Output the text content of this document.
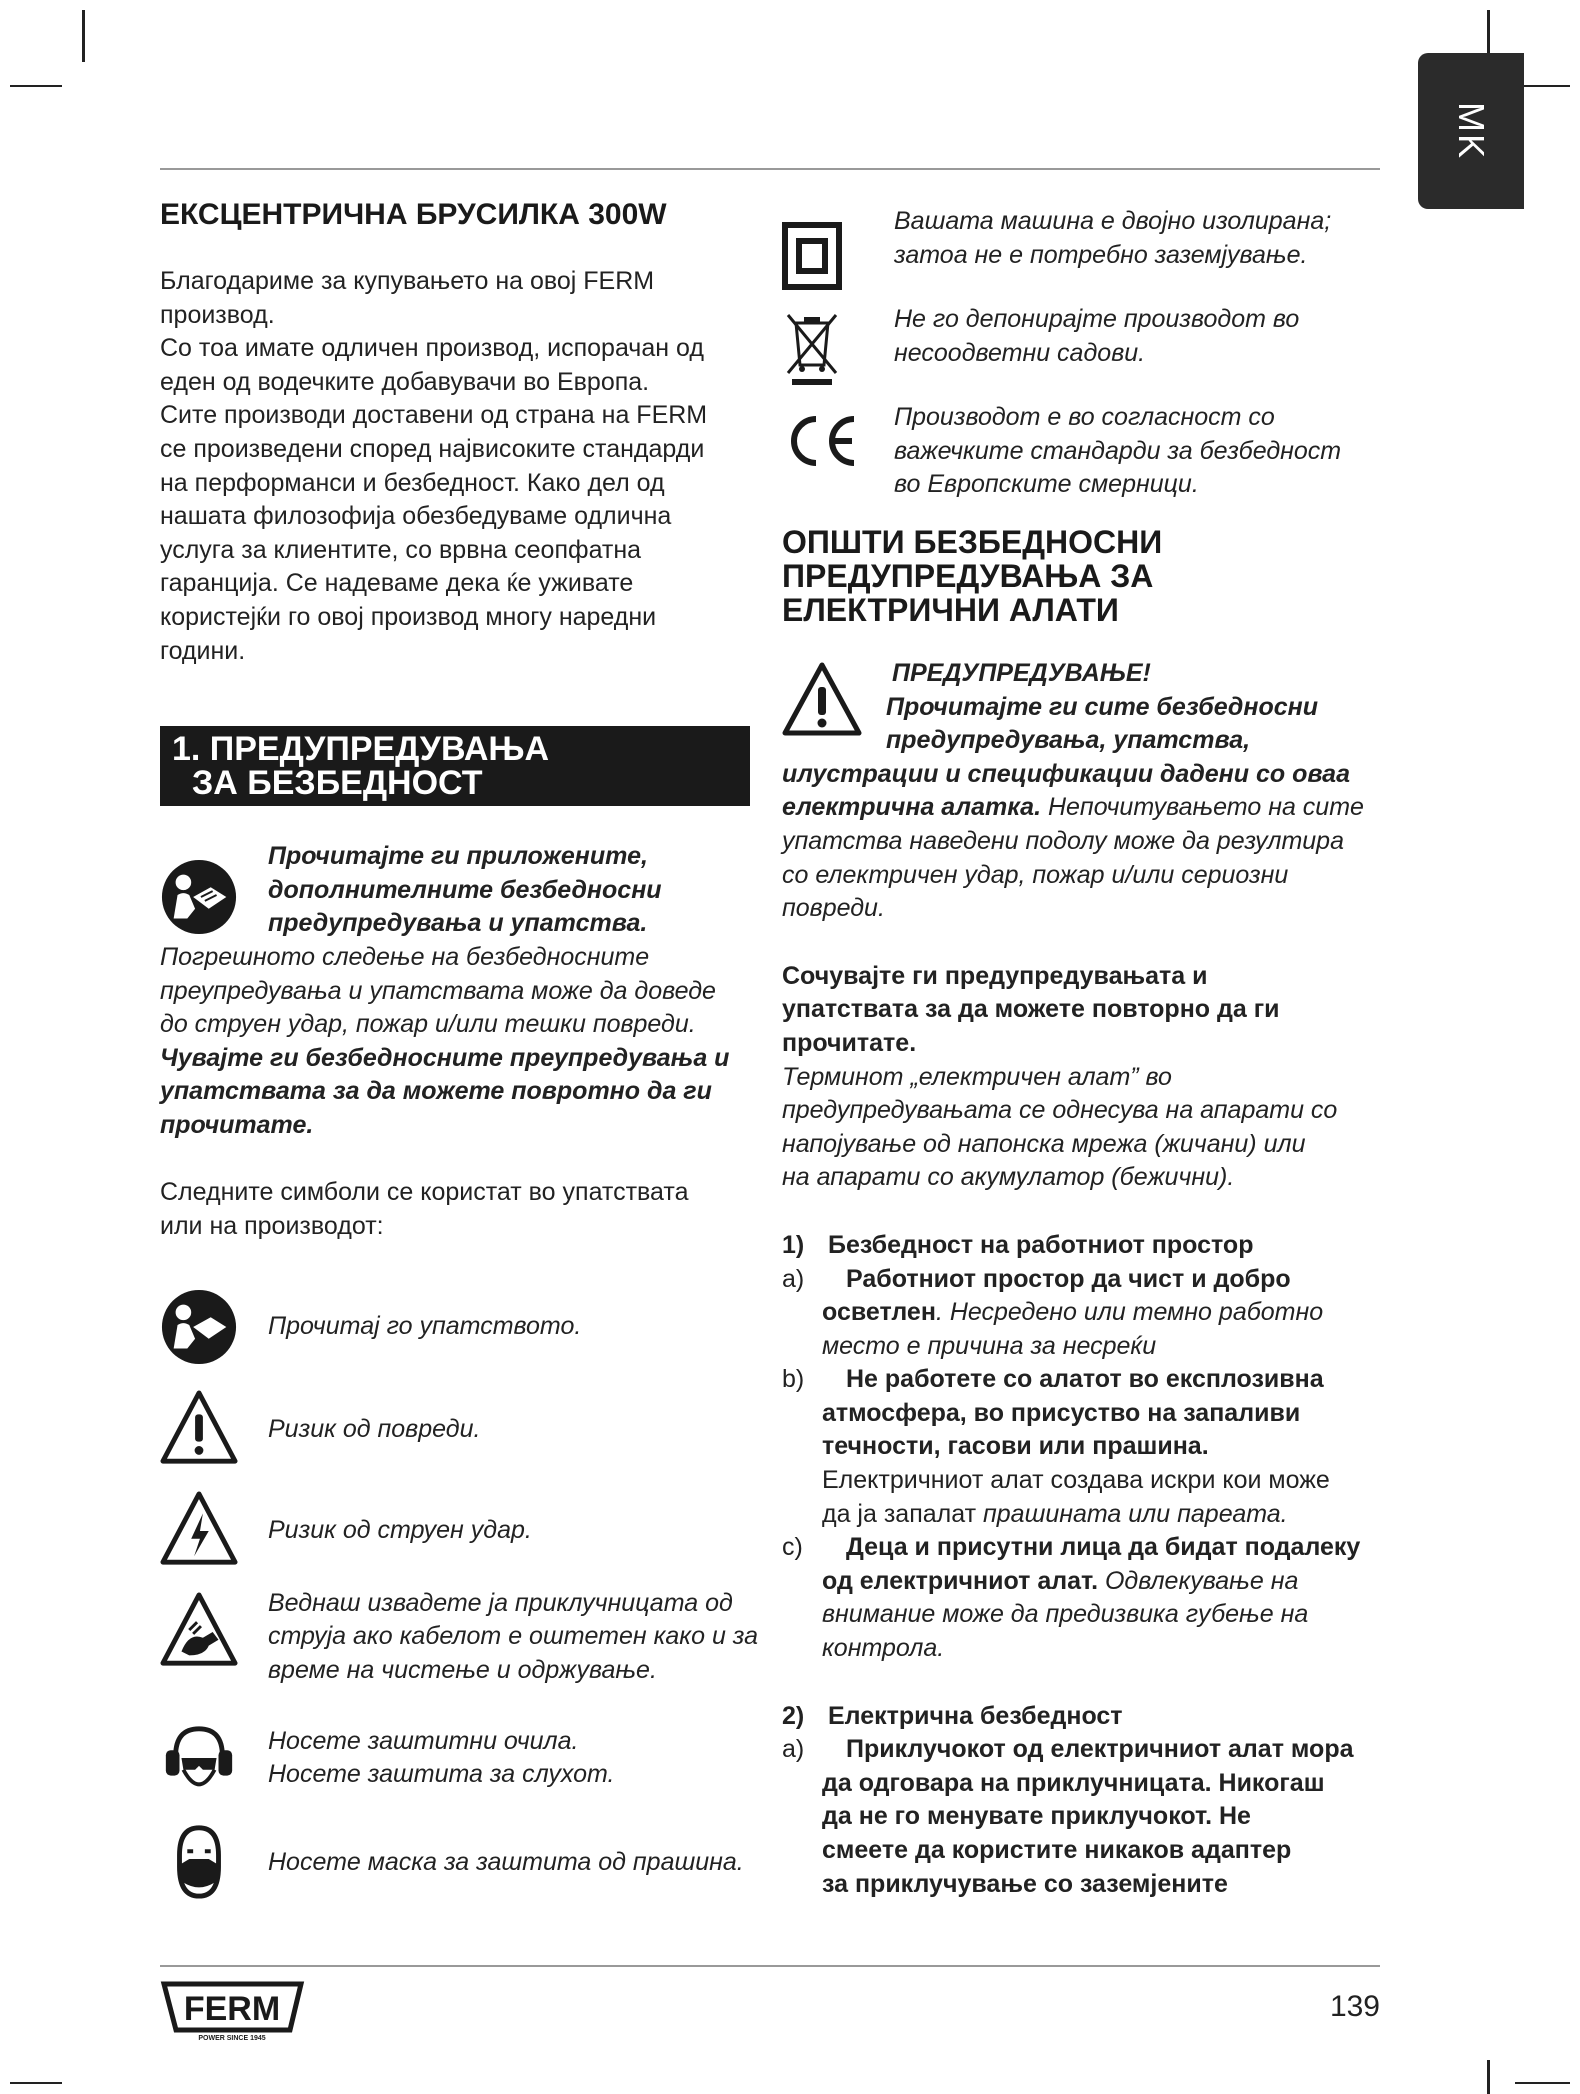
MK
ЕКСЦЕНТРИЧНА БРУСИЛКА 300W
Благодариме за купувањето на овој FERM
производ.
Со тоа имате одличен производ, испорачан од
еден од водечките добавувачи во Европа.
Сите производи доставени од страна на FERM
се произведени според највисоките стандарди
на перформанси и безбедност. Како дел од
нашата филозофија обезбедуваме одлична
услуга за клиентите, со врвна сеопфатна
гаранција. Се надеваме дека ќе уживате
користејќи го овој производ многу наредни
години.
1. ПРЕДУПРЕДУВАЊА
ЗА БЕЗБЕДНОСТ
Прочитајте ги приложените,
дополнителните безбедносни
предупредувања и упатства.
Погрешното следење на безбедносните
преупредувања и упатствата може да доведе
до струен удар, пожар и/или тешки повреди.
Чувајте ги безбедносните преупредувања и
упатствата за да можете повротно да ги
прочитате.
Следните симболи се користат во упатствата
или на производот:
Прочитај го упатството.
Ризик од повреди.
Ризик од струен удар.
Веднаш извадете ја приклучницата од
струја ако кабелот е оштетен како и за
време на чистење и одржување.
Носете заштитни очила.
Носете заштита за слухот.
Носете маска за заштита од прашина.
Вашата машина е двојно изолирана;
затоа не е потребно заземјување.
Не го депонирајте производот во
несоодветни садови.
Производот е во согласност со
важечките стандарди за безбедност
во Европските смерници.
ОПШТИ БЕЗБЕДНОСНИ
ПРЕДУПРЕДУВАЊА ЗА
ЕЛЕКТРИЧНИ АЛАТИ
ПРЕДУПРЕДУВАЊЕ!
Прочитајте ги сите безбедносни
предупредувања, упатства,
илустрации и спецификации дадени со оваа
електрична алатка. Непочитувањето на сите
упатства наведени подолу може да резултира
со електричен удар, пожар и/или сериозни
повреди.
Сочувајте ги предупредувањата и
упатствата за да можете повторно да ги
прочитате.
Терминот „електричен алат” во
предупредувањата се однесува на апарати со
напојување од напонска мрежа (жичани) или
на апарати со акумулатор (бежични).
1) Безбедност на работниот простор
a)	Работниот простор да чист и добро
осветлен. Несредено или темно работно
место е причина за несреќи
b)	Не работете со алатот во експлозивна
атмосфера, во присуство на запаливи
течности, гасови или прашина.
Електричниот алат создава искри кои може
да ја запалат прашината или пареата.
c)	Деца и присутни лица да бидат подалеку
од електричниот алат. Одвлекување на
внимание може да предизвика губење на
контрола.
2) Електрична безбедност
a)	Приклучокот од електричниот алат мора
да одговара на приклучницата. Никогаш
да не го менувате приклучокот. Не
смеете да користите никаков адаптер
за приклучување со заземјените
FERM
POWER SINCE 1945
139
